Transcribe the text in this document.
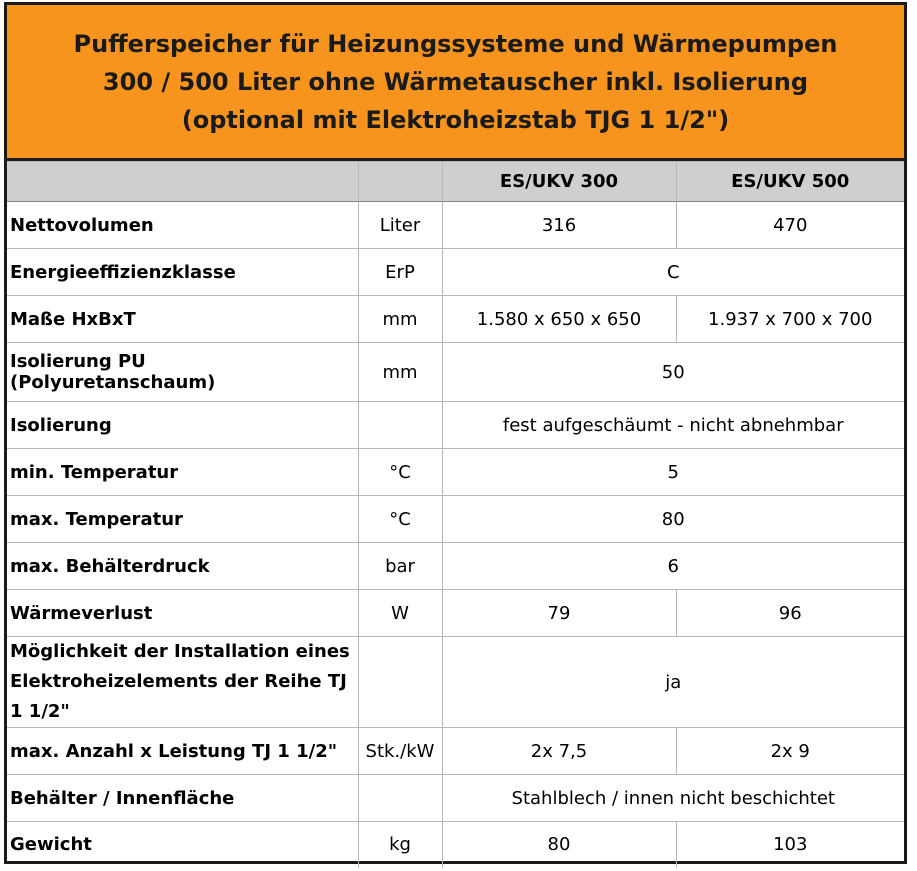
Pufferspeicher für Heizungssysteme und Wärmepumpen
300 / 500 Liter ohne Wärmetauscher inkl. Isolierung
(optional mit Elektroheizstab TJG 1 1/2")
		ES/UKV 300	ES/UKV 500
Nettovolumen	Liter	316	470
Energieeffizienzklasse	ErP	C	
Maße HxBxT	mm	1.580 x 650 x 650	1.937 x 700 x 700
Isolierung PU (Polyuretanschaum)	mm	50	
Isolierung		fest aufgeschäumt - nicht abnehmbar	
min. Temperatur	°C	5	
max. Temperatur	°C	80	
max. Behälterdruck	bar	6	
Wärmeverlust	W	79	96
Möglichkeit der Installation eines Elektroheizelements der Reihe TJ 1 1/2"		ja	
max. Anzahl x Leistung TJ 1 1/2"	Stk./kW	2x 7,5	2x 9
Behälter / Innenfläche		Stahlblech / innen nicht beschichtet	
Gewicht	kg	80	103
